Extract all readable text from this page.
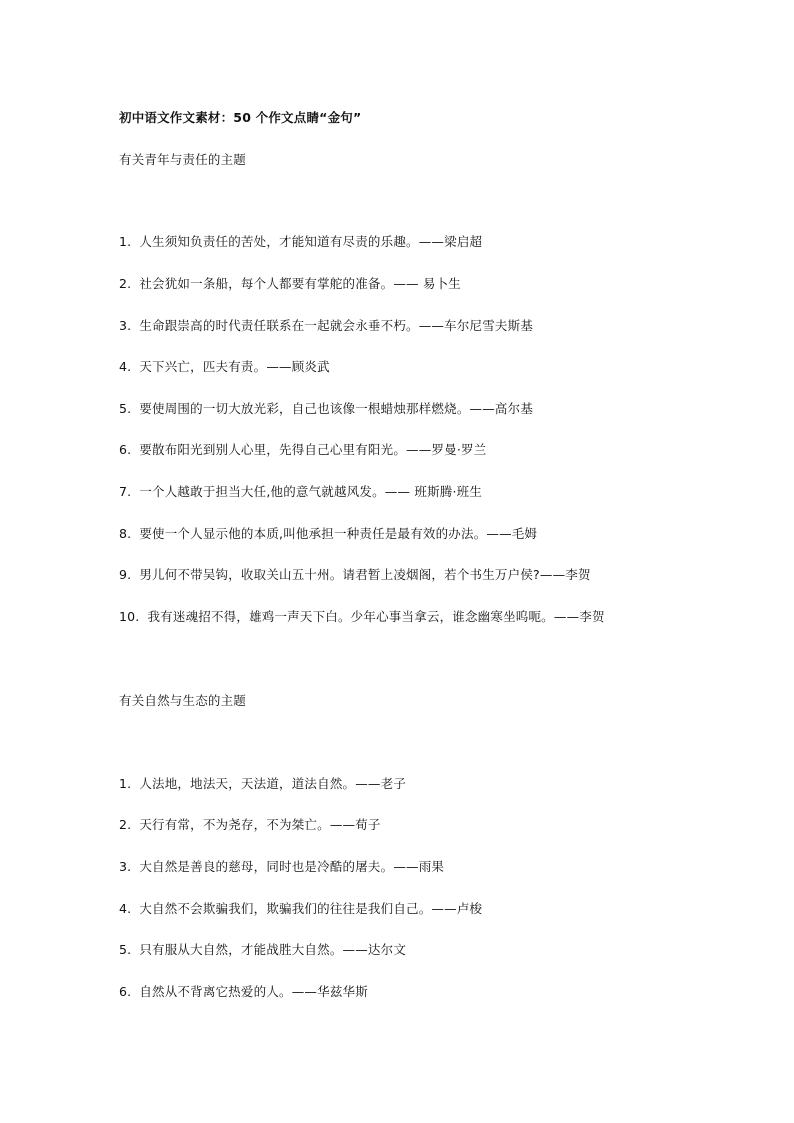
初中语文作文素材：50 个作文点睛“金句”
有关青年与责任的主题
1. 人生须知负责任的苦处，才能知道有尽责的乐趣。——梁启超
2. 社会犹如一条船，每个人都要有掌舵的准备。—— 易卜生
3. 生命跟崇高的时代责任联系在一起就会永垂不朽。——车尔尼雪夫斯基
4. 天下兴亡，匹夫有责。——顾炎武
5. 要使周围的一切大放光彩，自己也该像一根蜡烛那样燃烧。——高尔基
6. 要散布阳光到别人心里，先得自己心里有阳光。——罗曼·罗兰
7. 一个人越敢于担当大任,他的意气就越风发。—— 班斯腾·班生
8. 要使一个人显示他的本质,叫他承担一种责任是最有效的办法。——毛姆
9. 男儿何不带吴钩，收取关山五十州。请君暂上凌烟阁，若个书生万户侯?——李贺
10. 我有迷魂招不得，雄鸡一声天下白。少年心事当拿云，谁念幽寒坐呜呃。——李贺
有关自然与生态的主题
1. 人法地，地法天，天法道，道法自然。——老子
2. 天行有常，不为尧存，不为桀亡。——荀子
3. 大自然是善良的慈母，同时也是冷酷的屠夫。——雨果
4. 大自然不会欺骗我们，欺骗我们的往往是我们自己。——卢梭
5. 只有服从大自然，才能战胜大自然。——达尔文
6. 自然从不背离它热爱的人。——华兹华斯
